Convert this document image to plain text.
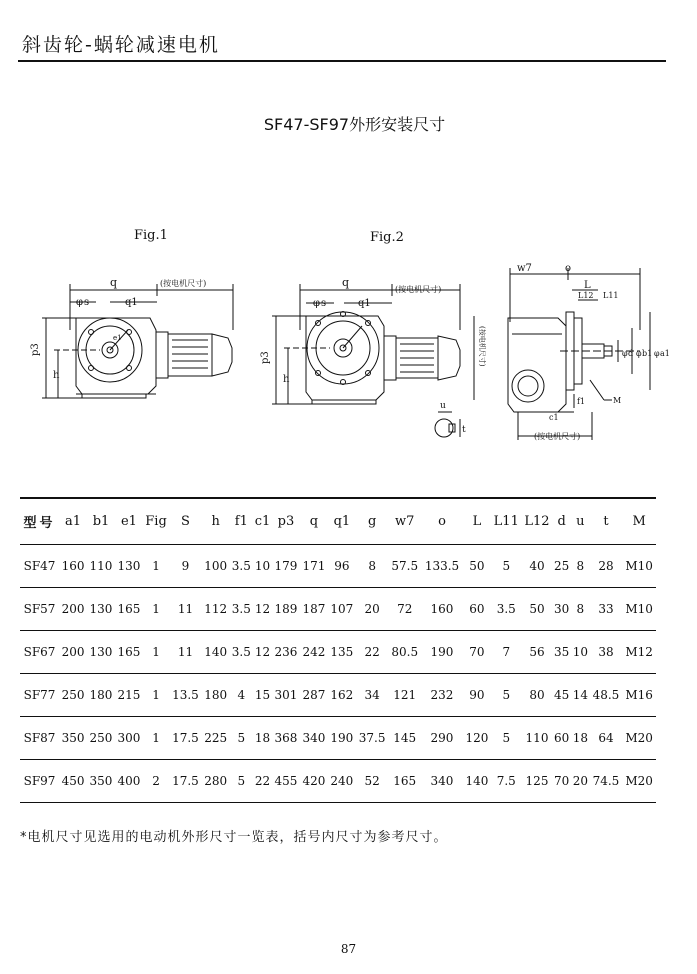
斜齿轮-蜗轮减速电机
SF47-SF97外形安装尺寸
Fig.1	Fig.2
q	(按电机尺寸)
φ s	q1
e1
p3
h
q
(按电机尺寸)
φ s	q1
p3
h
(按电机尺寸)
u
t
w7	o
L
L12 L11
φ d φ b1 φ a1
M
f1
c1
(按电机尺寸)
型号	a1	b1	e1	Fig	S	h	f1	c1	p3	q	q1	g	w7	o	L	L11	L12	d	u	t	M
SF47	160	110	130	1	9	100	3.5	10	179	171	96	8	57.5	133.5	50	5	40	25	8	28	M10
SF57	200	130	165	1	11	112	3.5	12	189	187	107	20	72	160	60	3.5	50	30	8	33	M10
SF67	200	130	165	1	11	140	3.5	12	236	242	135	22	80.5	190	70	7	56	35	10	38	M12
SF77	250	180	215	1	13.5	180	4	15	301	287	162	34	121	232	90	5	80	45	14	48.5	M16
SF87	350	250	300	1	17.5	225	5	18	368	340	190	37.5	145	290	120	5	110	60	18	64	M20
SF97	450	350	400	2	17.5	280	5	22	455	420	240	52	165	340	140	7.5	125	70	20	74.5	M20
*电机尺寸见选用的电动机外形尺寸一览表，括号内尺寸为参考尺寸。
87
